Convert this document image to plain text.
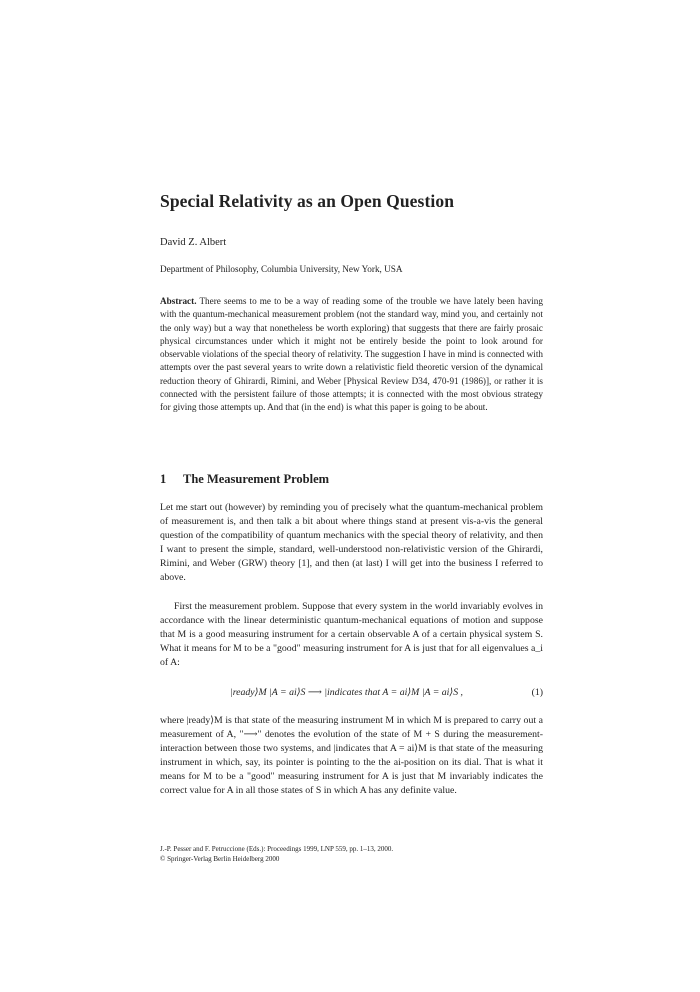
Special Relativity as an Open Question

David Z. Albert

Department of Philosophy, Columbia University, New York, USA

Abstract. There seems to me to be a way of reading some of the trouble we have lately been having with the quantum-mechanical measurement problem (not the standard way, mind you, and certainly not the only way) but a way that nonetheless be worth exploring) that suggests that there are fairly prosaic physical circumstances under which it might not be entirely beside the point to look around for observable violations of the special theory of relativity. The suggestion I have in mind is connected with attempts over the past several years to write down a relativistic field theoretic version of the dynamical reduction theory of Ghirardi, Rimini, and Weber [Physical Review D34, 470-91 (1986)], or rather it is connected with the persistent failure of those attempts; it is connected with the most obvious strategy for giving those attempts up. And that (in the end) is what this paper is going to be about.

1 The Measurement Problem

Let me start out (however) by reminding you of precisely what the quantum-mechanical problem of measurement is, and then talk a bit about where things stand at present vis-a-vis the general question of the compatibility of quantum mechanics with the special theory of relativity, and then I want to present the simple, standard, well-understood non-relativistic version of the Ghirardi, Rimini, and Weber (GRW) theory [1], and then (at last) I will get into the business I referred to above.

First the measurement problem. Suppose that every system in the world invariably evolves in accordance with the linear deterministic quantum-mechanical equations of motion and suppose that M is a good measuring instrument for a certain observable A of a certain physical system S. What it means for M to be a "good" measuring instrument for A is just that for all eigenvalues a_i of A:

|ready⟩M |A = ai⟩S ⟶ |indicates that A = ai⟩M |A = ai⟩S ,	(1)

where |ready⟩M is that state of the measuring instrument M in which M is prepared to carry out a measurement of A, "⟶" denotes the evolution of the state of M + S during the measurement-interaction between those two systems, and |indicates that A = ai⟩M is that state of the measuring instrument in which, say, its pointer is pointing to the the ai-position on its dial. That is what it means for M to be a "good" measuring instrument for A is just that M invariably indicates the correct value for A in all those states of S in which A has any definite value.

J.-P. Pesser and F. Petruccione (Eds.): Proceedings 1999, LNP 559, pp. 1–13, 2000.
© Springer-Verlag Berlin Heidelberg 2000
